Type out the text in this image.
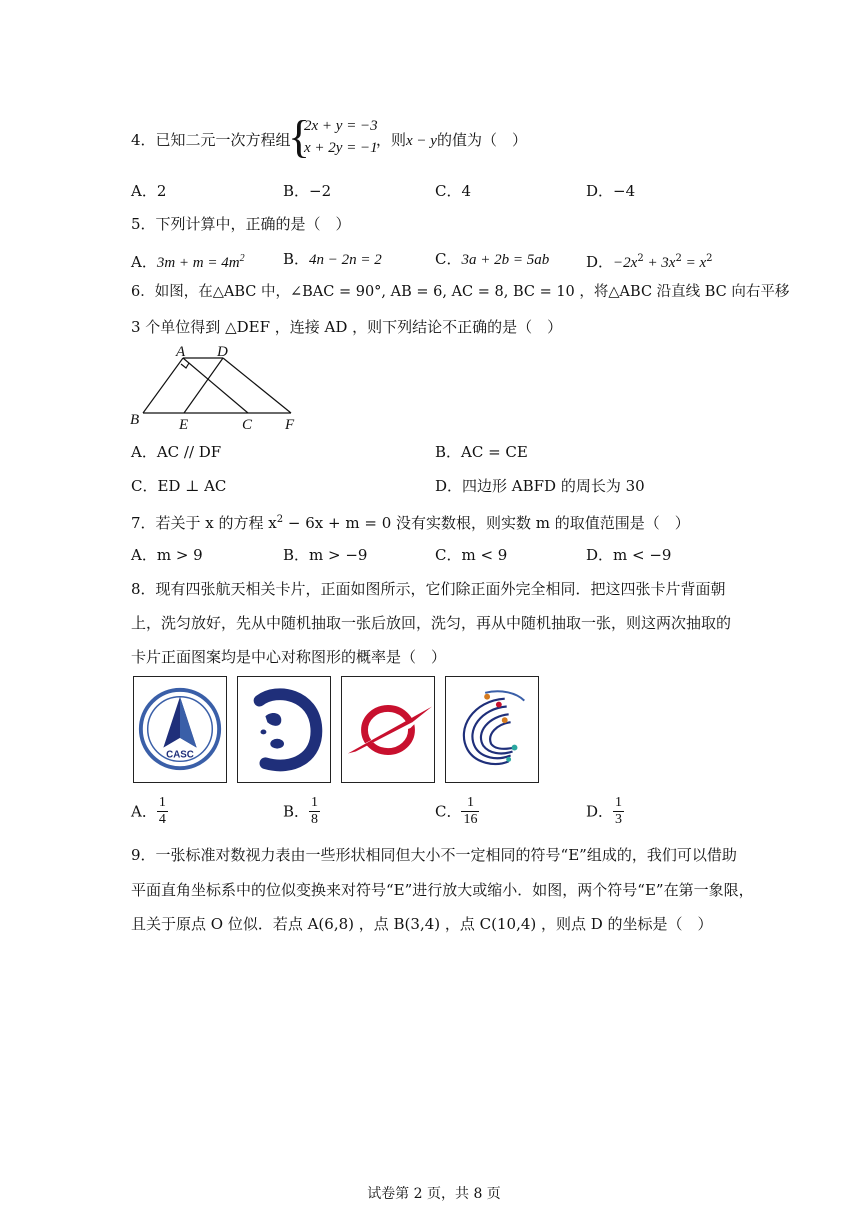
4．已知二元一次方程组
{
2x + y = −3
x + 2y = −1
，则x − y的值为（　）
A．2	B．−2	C．4	D．−4
5．下列计算中，正确的是（　）
A．$3m + m = 4m^2$	B．4n − 2n = 2	C．3a + 2b = 5ab D．$-2x^2 + 3x^2 = x^2$
6．如图，在△ABC 中，∠BAC = 90°, AB = 6, AC = 8, BC = 10 ，将△ABC 沿直线 BC 向右平移
3 个单位得到 △DEF ，连接 AD ，则下列结论不正确的是（　）
A D
B	E	C F
A．AC // DF	B．AC = CE
C．ED ⊥ AC	D．四边形 ABFD 的周长为 30
7．若关于 x 的方程 $x^2 - 6x + m = 0$ 没有实数根，则实数 m 的取值范围是（　）
A．m > 9	B．m > −9	C．m < 9	D．m < −9
8．现有四张航天相关卡片，正面如图所示，它们除正面外完全相同．把这四张卡片背面朝
上，洗匀放好，先从中随机抽取一张后放回，洗匀，再从中随机抽取一张，则这两次抽取的
卡片正面图案均是中心对称图形的概率是（　）
CASC
A． $\frac{1}{4}$	B． $\frac{1}{8}$	C． $\frac{1}{16}$	D． $\frac{1}{3}$
9．一张标准对数视力表由一些形状相同但大小不一定相同的符号“E”组成的，我们可以借助
平面直角坐标系中的位似变换来对符号“E”进行放大或缩小．如图，两个符号“E”在第一象限，
且关于原点 O 位似．若点 A(6,8) ，点 B(3,4) ，点 C(10,4) ，则点 D 的坐标是（　）
试卷第 2 页，共 8 页
